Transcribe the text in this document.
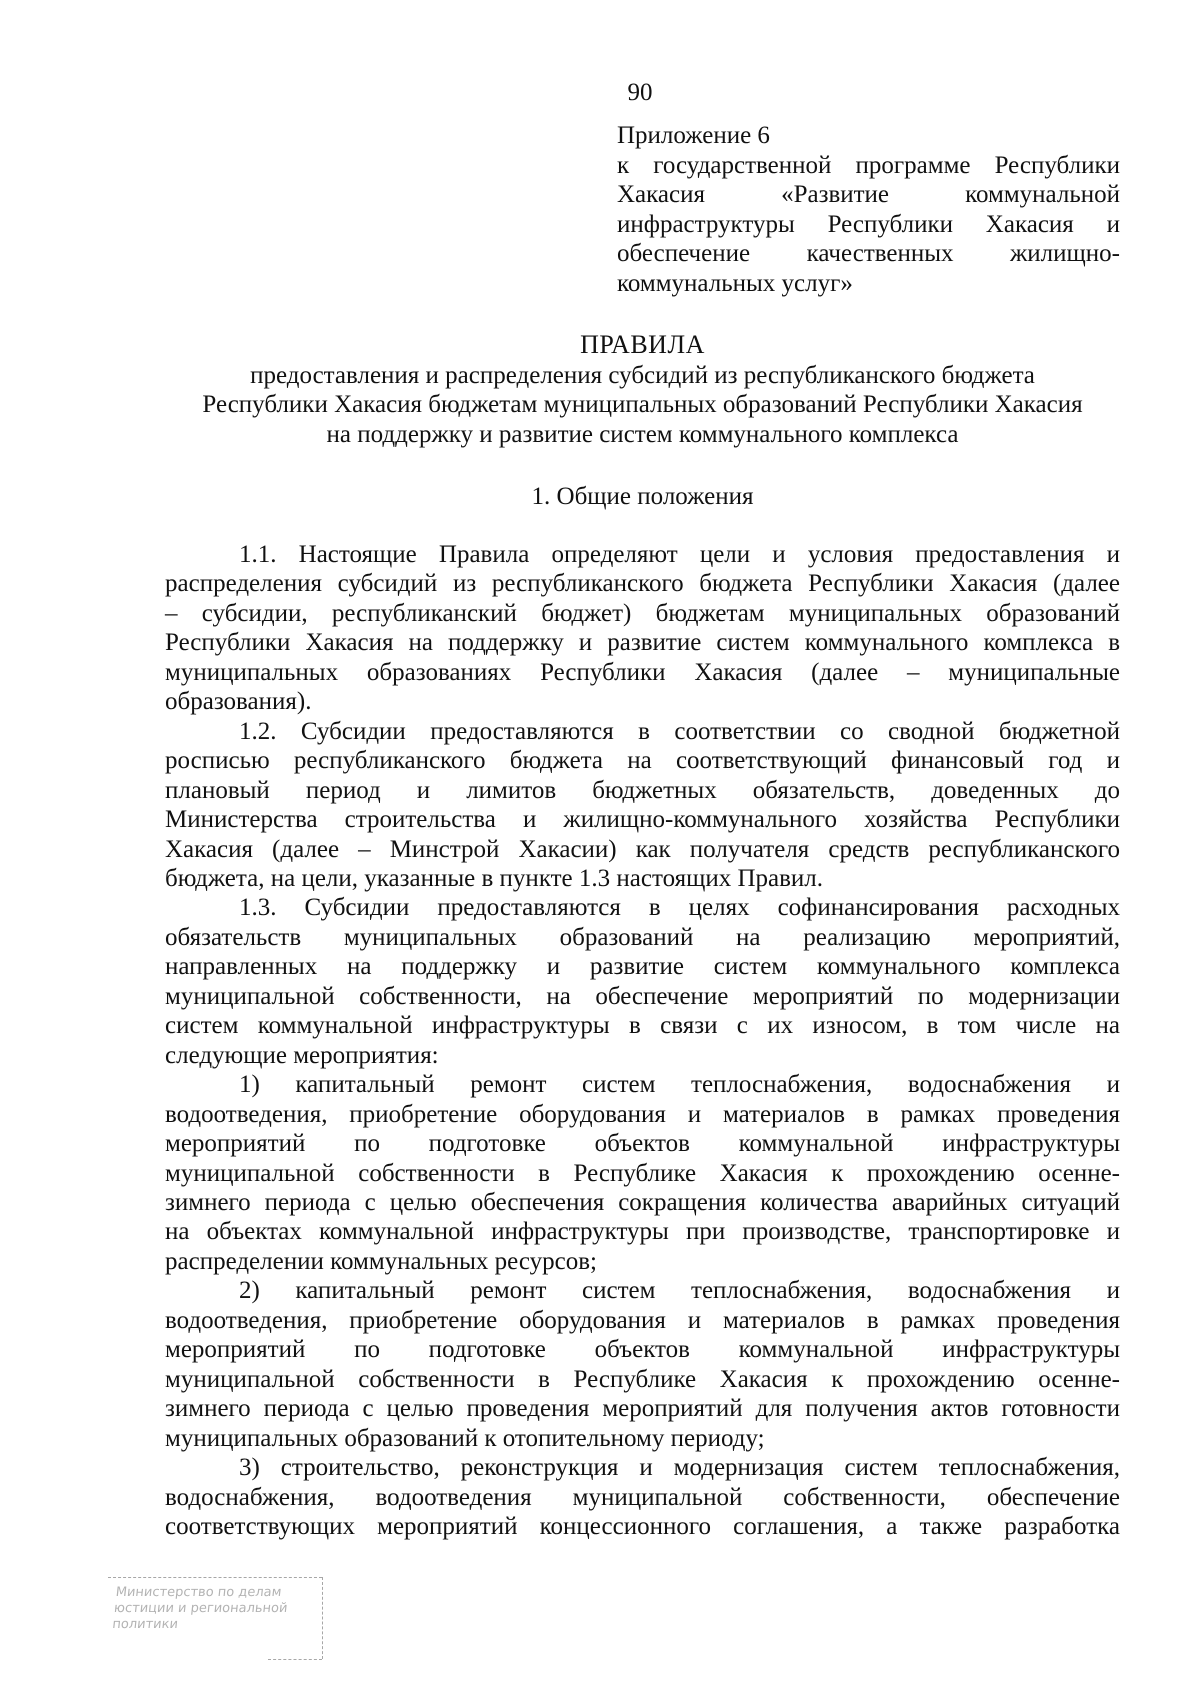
90
Приложение 6
к государственной программе Республики
Хакасия «Развитие коммунальной
инфраструктуры Республики Хакасия и
обеспечение качественных жилищно-
коммунальных услуг»
ПРАВИЛА
предоставления и распределения субсидий из республиканского бюджета
Республики Хакасия бюджетам муниципальных образований Республики Хакасия
на поддержку и развитие систем коммунального комплекса
1. Общие положения
1.1. Настоящие Правила определяют цели и условия предоставления и
распределения субсидий из республиканского бюджета Республики Хакасия (далее
– субсидии, республиканский бюджет) бюджетам муниципальных образований
Республики Хакасия на поддержку и развитие систем коммунального комплекса в
муниципальных образованиях Республики Хакасия (далее – муниципальные
образования).
1.2. Субсидии предоставляются в соответствии со сводной бюджетной
росписью республиканского бюджета на соответствующий финансовый год и
плановый период и лимитов бюджетных обязательств, доведенных до
Министерства строительства и жилищно-коммунального хозяйства Республики
Хакасия (далее – Минстрой Хакасии) как получателя средств республиканского
бюджета, на цели, указанные в пункте 1.3 настоящих Правил.
1.3. Субсидии предоставляются в целях софинансирования расходных
обязательств муниципальных образований на реализацию мероприятий,
направленных на поддержку и развитие систем коммунального комплекса
муниципальной собственности, на обеспечение мероприятий по модернизации
систем коммунальной инфраструктуры в связи с их износом, в том числе на
следующие мероприятия:
1) капитальный ремонт систем теплоснабжения, водоснабжения и
водоотведения, приобретение оборудования и материалов в рамках проведения
мероприятий по подготовке объектов коммунальной инфраструктуры
муниципальной собственности в Республике Хакасия к прохождению осенне-
зимнего периода с целью обеспечения сокращения количества аварийных ситуаций
на объектах коммунальной инфраструктуры при производстве, транспортировке и
распределении коммунальных ресурсов;
2) капитальный ремонт систем теплоснабжения, водоснабжения и
водоотведения, приобретение оборудования и материалов в рамках проведения
мероприятий по подготовке объектов коммунальной инфраструктуры
муниципальной собственности в Республике Хакасия к прохождению осенне-
зимнего периода с целью проведения мероприятий для получения актов готовности
муниципальных образований к отопительному периоду;
3) строительство, реконструкция и модернизация систем теплоснабжения,
водоснабжения, водоотведения муниципальной собственности, обеспечение
соответствующих мероприятий концессионного соглашения, а также разработка
Министерство по делам
юстиции и региональной
политики
